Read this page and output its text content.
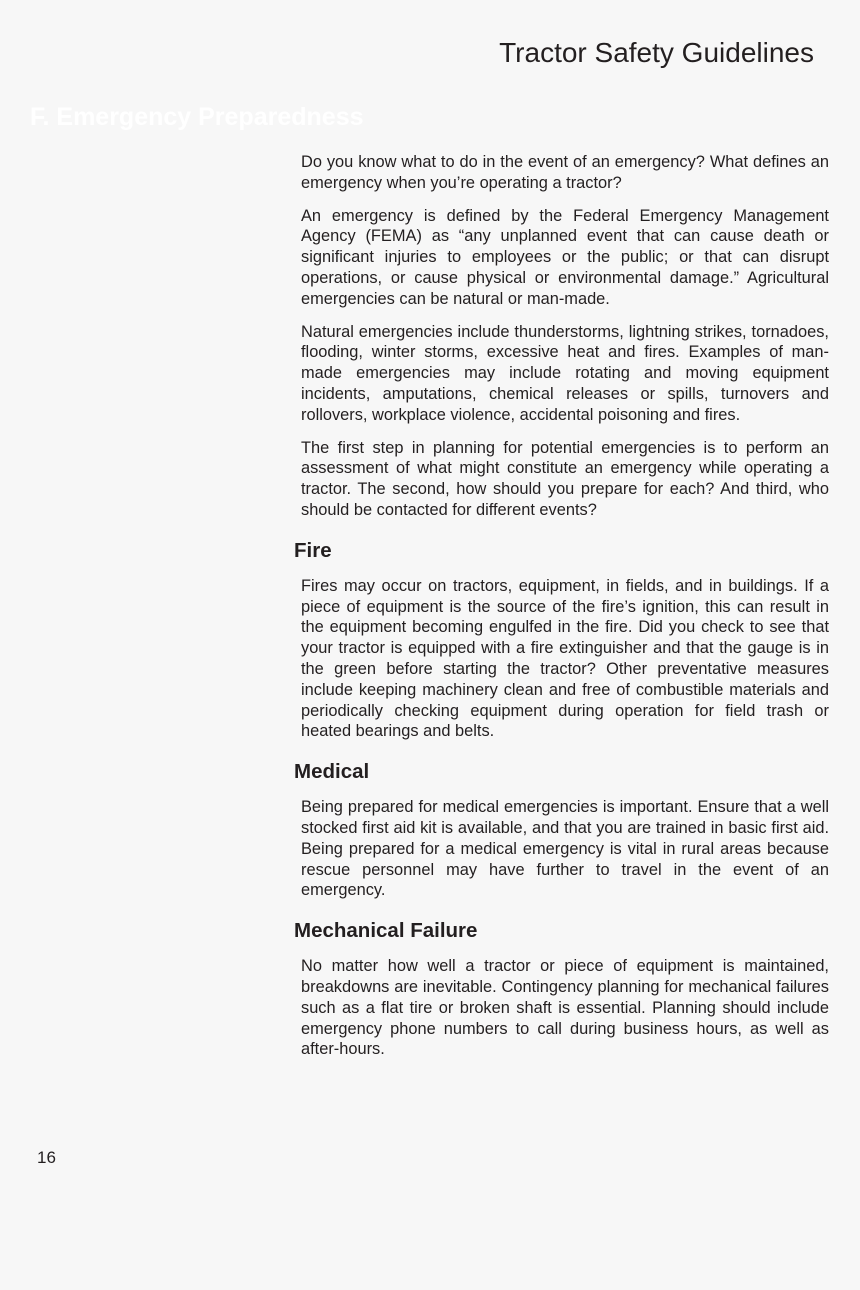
Tractor Safety Guidelines
F. Emergency Preparedness

Do you know what to do in the event of an emergency? What defines an emergency when you’re operating a tractor?

An emergency is defined by the Federal Emergency Management Agency (FEMA) as “any unplanned event that can cause death or significant injuries to employees or the public; or that can disrupt operations, or cause physical or environmental damage.” Agricultural emergencies can be natural or man-made.

Natural emergencies include thunderstorms, lightning strikes, tornadoes, flooding, winter storms, excessive heat and fires. Examples of man-made emergencies may include rotating and moving equipment incidents, amputations, chemical releases or spills, turnovers and rollovers, workplace violence, accidental poisoning and fires.

The first step in planning for potential emergencies is to perform an assessment of what might constitute an emergency while operating a tractor. The second, how should you prepare for each? And third, who should be contacted for different events?

Fire

Fires may occur on tractors, equipment, in fields, and in buildings. If a piece of equipment is the source of the fire’s ignition, this can result in the equipment becoming engulfed in the fire. Did you check to see that your tractor is equipped with a fire extinguisher and that the gauge is in the green before starting the tractor? Other preventative measures include keeping machinery clean and free of combustible materials and periodically checking equipment during operation for field trash or heated bearings and belts.

Medical

Being prepared for medical emergencies is important. Ensure that a well stocked first aid kit is available, and that you are trained in basic first aid. Being prepared for a medical emergency is vital in rural areas because rescue personnel may have further to travel in the event of an emergency.

Mechanical Failure

No matter how well a tractor or piece of equipment is maintained, breakdowns are inevitable. Contingency planning for mechanical failures such as a flat tire or broken shaft is essential. Planning should include emergency phone numbers to call during business hours, as well as after-hours.

16
